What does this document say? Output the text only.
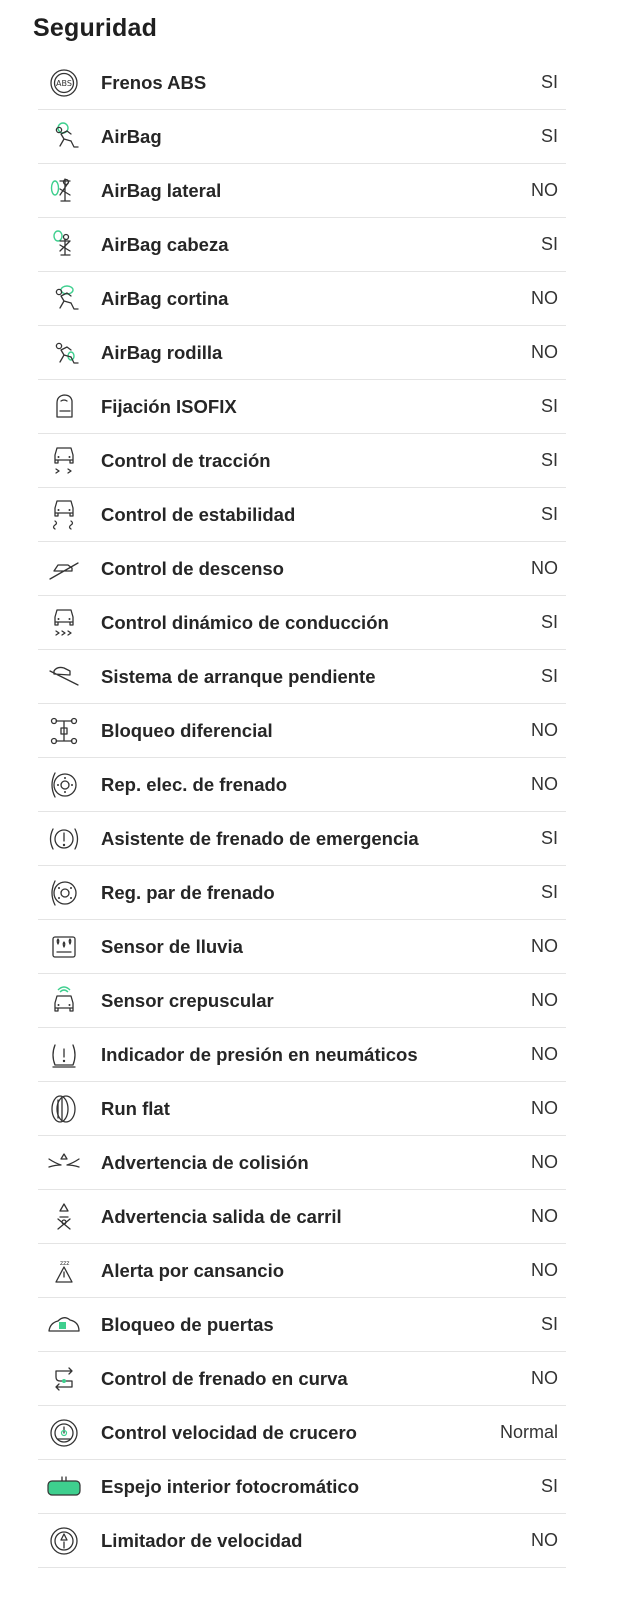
Seguridad
ABS Frenos ABS	SI
AirBag	SI
AirBag lateral	NO
AirBag cabeza	SI
AirBag cortina	NO
AirBag rodilla	NO
Fijación ISOFIX	SI
Control de tracción	SI
Control de estabilidad	SI
Control de descenso	NO
Control dinámico de conducción	SI
Sistema de arranque pendiente	SI
Bloqueo diferencial	NO
Rep. elec. de frenado	NO
Asistente de frenado de emergencia	SI
Reg. par de frenado	SI
Sensor de lluvia	NO
Sensor crepuscular	NO
Indicador de presión en neumáticos	NO
Run flat	NO
Advertencia de colisión	NO
Advertencia salida de carril	NO
zzz Alerta por cansancio	NO
Bloqueo de puertas	SI
Control de frenado en curva	NO
Control velocidad de crucero	Normal
Espejo interior fotocromático	SI
Limitador de velocidad	NO
